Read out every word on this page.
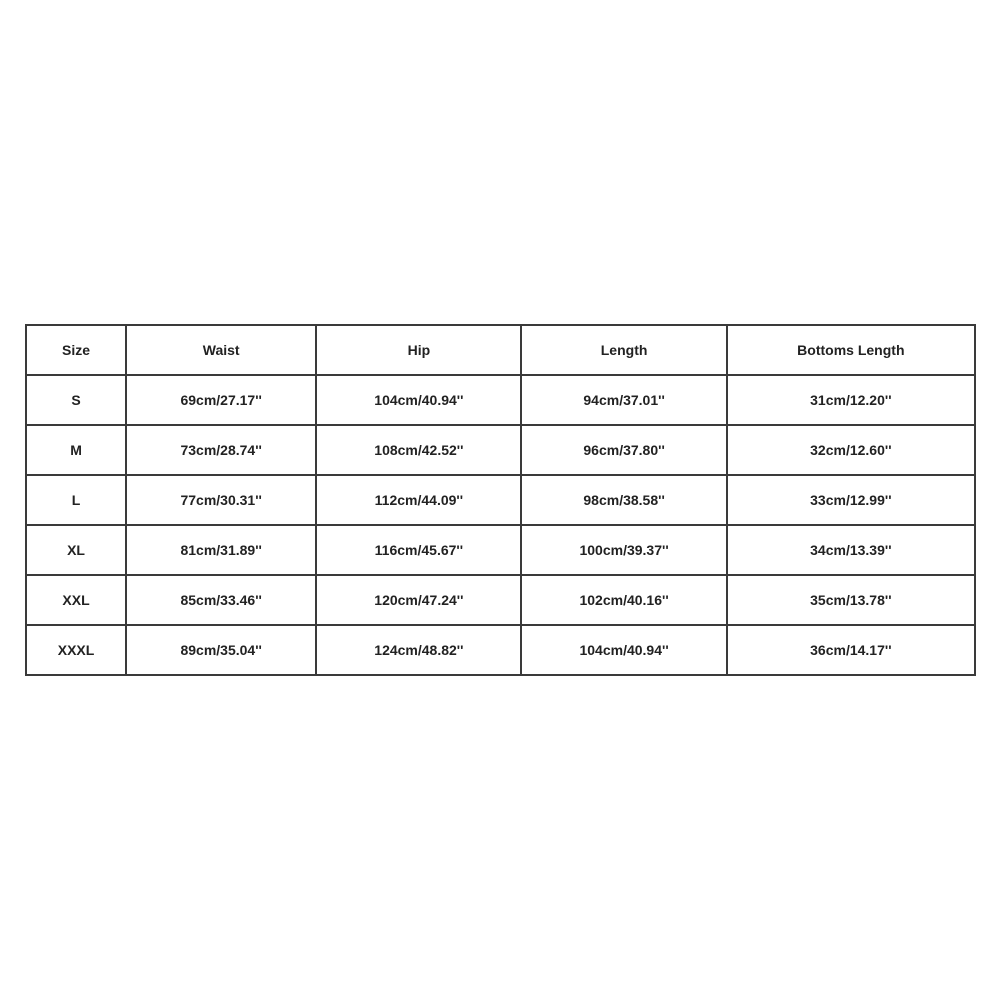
Size	Waist	Hip	Length	Bottoms Length
S	69cm/27.17''	104cm/40.94''	94cm/37.01''	31cm/12.20''
M	73cm/28.74''	108cm/42.52''	96cm/37.80''	32cm/12.60''
L	77cm/30.31''	112cm/44.09''	98cm/38.58''	33cm/12.99''
XL	81cm/31.89''	116cm/45.67''	100cm/39.37''	34cm/13.39''
XXL	85cm/33.46''	120cm/47.24''	102cm/40.16''	35cm/13.78''
XXXL	89cm/35.04''	124cm/48.82''	104cm/40.94''	36cm/14.17''
